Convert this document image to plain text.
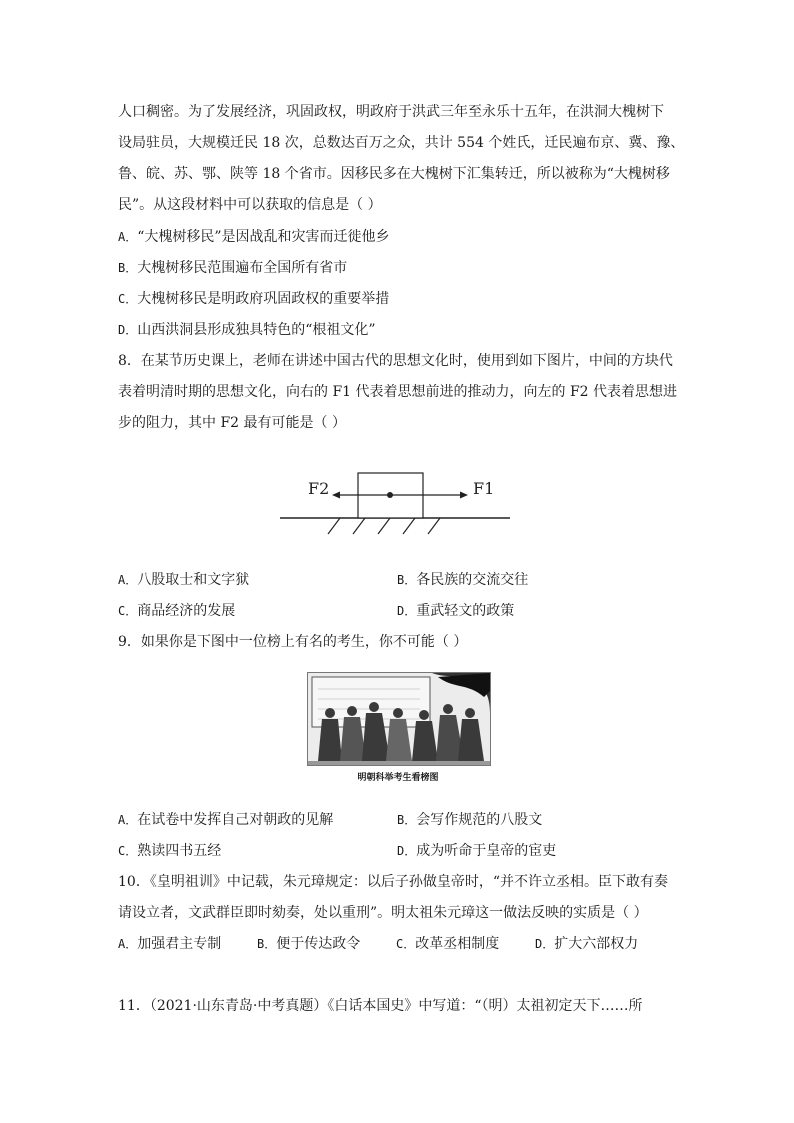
人口稠密。为了发展经济，巩固政权，明政府于洪武三年至永乐十五年，在洪洞大槐树下
设局驻员，大规模迁民 18 次，总数达百万之众，共计 554 个姓氏，迁民遍布京、冀、豫、
鲁、皖、苏、鄂、陕等 18 个省市。因移民多在大槐树下汇集转迁，所以被称为“大槐树移
民”。从这段材料中可以获取的信息是（ ）
A．“大槐树移民”是因战乱和灾害而迁徙他乡
B．大槐树移民范围遍布全国所有省市
C．大槐树移民是明政府巩固政权的重要举措
D．山西洪洞县形成独具特色的“根祖文化”
8．在某节历史课上，老师在讲述中国古代的思想文化时，使用到如下图片，中间的方块代
表着明清时期的思想文化，向右的 F1 代表着思想前进的推动力，向左的 F2 代表着思想进
步的阻力，其中 F2 最有可能是（ ）
F2	F1
A．八股取士和文字狱	B．各民族的交流交往
C．商品经济的发展	D．重武轻文的政策
9．如果你是下图中一位榜上有名的考生，你不可能（ ）
明朝科举考生看榜图
A．在试卷中发挥自己对朝政的见解	B．会写作规范的八股文
C．熟读四书五经	D．成为听命于皇帝的宦吏
10．《皇明祖训》中记载，朱元璋规定：以后子孙做皇帝时，“并不许立丞相。臣下敢有奏
请设立者，文武群臣即时劾奏，处以重刑”。明太祖朱元璋这一做法反映的实质是（ ）
A．加强君主专制	B．便于传达政令	C．改革丞相制度	D．扩大六部权力
11．（2021·山东青岛·中考真题）《白话本国史》中写道：“（明）太祖初定天下……所
